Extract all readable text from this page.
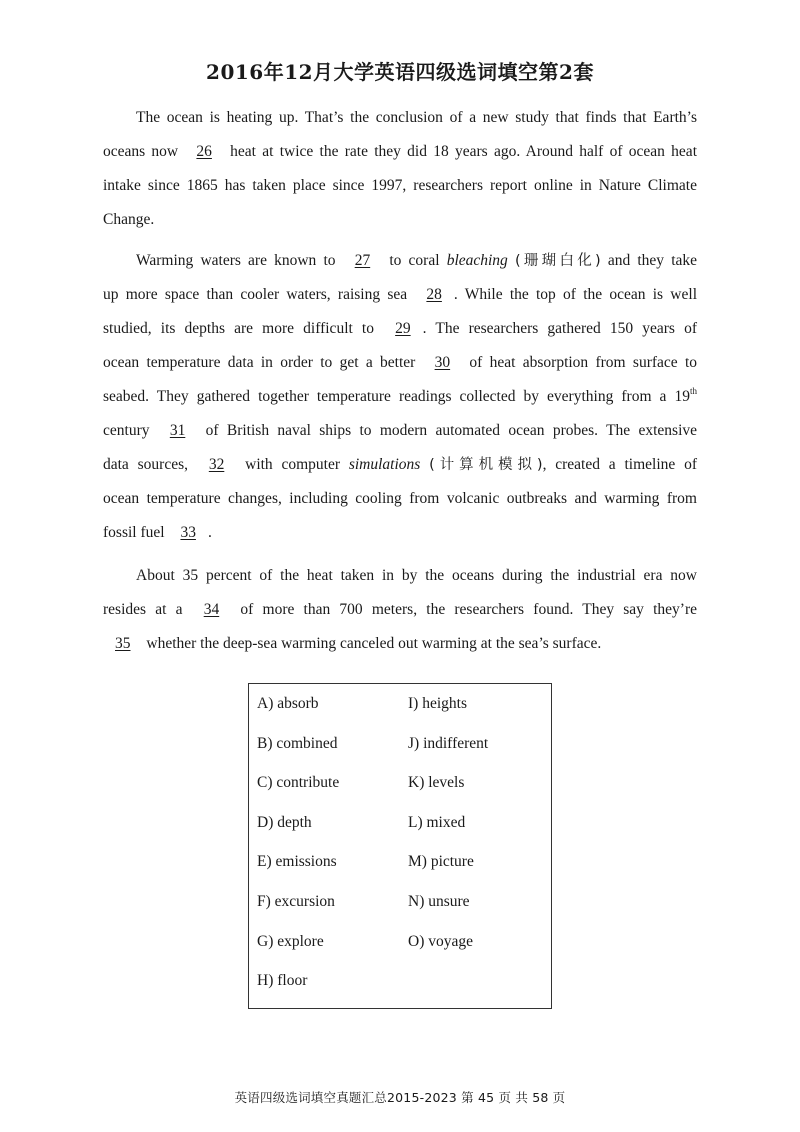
2016年12月大学英语四级选词填空第2套
The ocean is heating up. That’s the conclusion of a new study that finds that Earth’s
oceans now 26 heat at twice the rate they did 18 years ago. Around half of ocean heat
intake since 1865 has taken place since 1997, researchers report online in Nature Climate
Change.
Warming waters are known to 27 to coral bleaching (珊瑚白化) and they take
up more space than cooler waters, raising sea 28 . While the top of the ocean is well
studied, its depths are more difficult to 29 . The researchers gathered 150 years of
ocean temperature data in order to get a better 30 of heat absorption from surface to
seabed. They gathered together temperature readings collected by everything from a 19th
century 31 of British naval ships to modern automated ocean probes. The extensive
data sources, 32 with computer simulations (计算机模拟), created a timeline of
ocean temperature changes, including cooling from volcanic outbreaks and warming from
fossil fuel 33 .
About 35 percent of the heat taken in by the oceans during the industrial era now
resides at a 34 of more than 700 meters, the researchers found. They say they’re
35 whether the deep-sea warming canceled out warming at the sea’s surface.
A) absorb	I) heights
B) combined	J) indifferent
C) contribute	K) levels
D) depth	L) mixed
E) emissions	M) picture
F) excursion	N) unsure
G) explore	O) voyage
H) floor
英语四级选词填空真题汇总2015-2023 第 45 页 共 58 页
